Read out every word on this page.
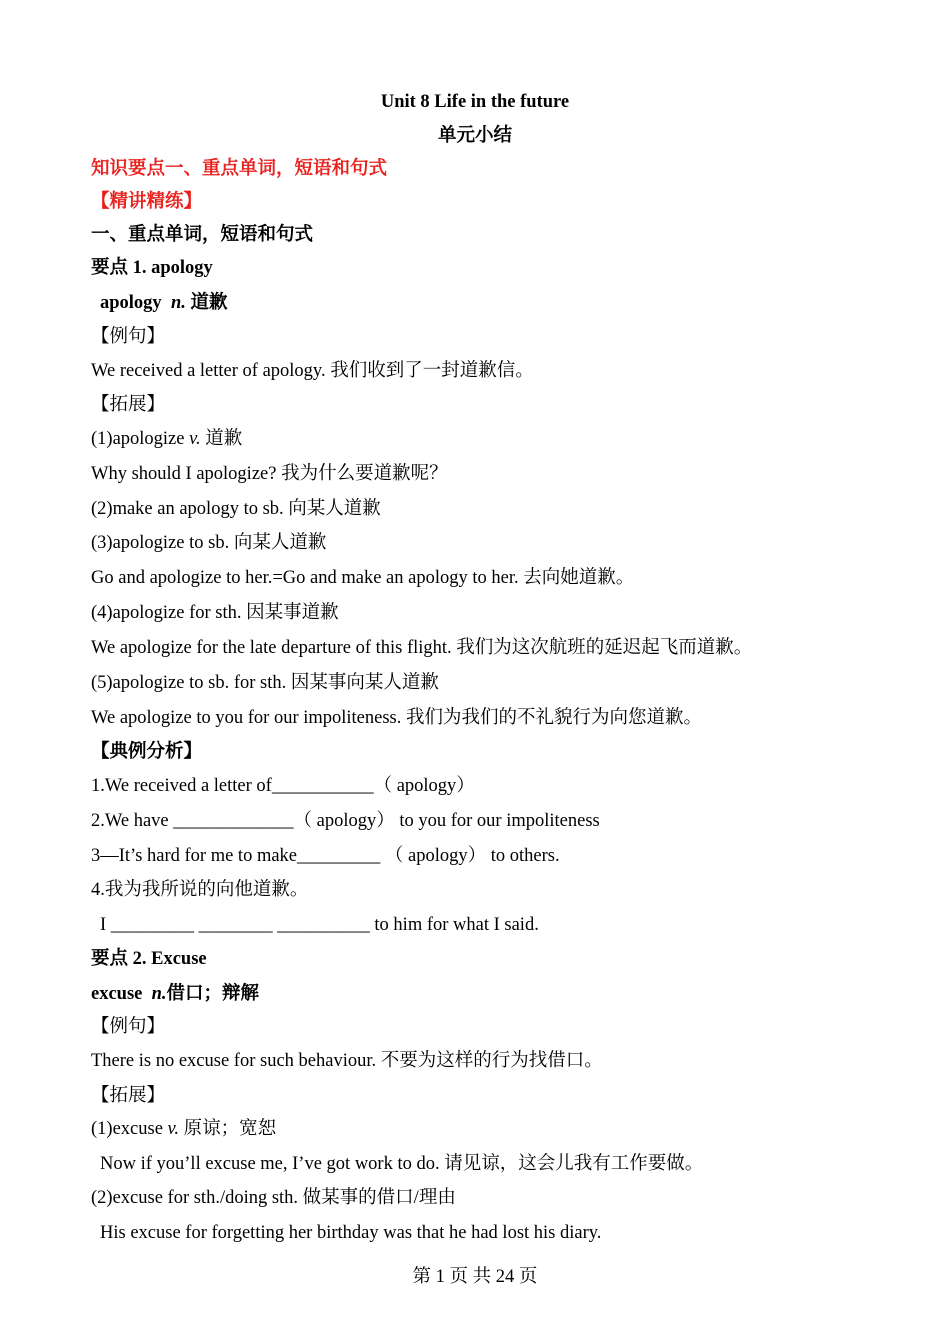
Unit 8 Life in the future
单元小结
知识要点一、重点单词，短语和句式
【精讲精练】
一、重点单词，短语和句式
要点 1. apology
apology n. 道歉
【例句】
We received a letter of apology. 我们收到了一封道歉信。
【拓展】
(1)apologize v. 道歉
Why should I apologize? 我为什么要道歉呢？
(2)make an apology to sb. 向某人道歉
(3)apologize to sb. 向某人道歉
Go and apologize to her.=Go and make an apology to her. 去向她道歉。
(4)apologize for sth. 因某事道歉
We apologize for the late departure of this flight. 我们为这次航班的延迟起飞而道歉。
(5)apologize to sb. for sth. 因某事向某人道歉
We apologize to you for our impoliteness. 我们为我们的不礼貌行为向您道歉。
【典例分析】
1.We received a letter of___________（ apology）
2.We have _____________（ apology） to you for our impoliteness
3—It’s hard for me to make_________ （ apology） to others.
4.我为我所说的向他道歉。
I _________ ________ __________ to him for what I said.
要点 2. Excuse
excuse n.借口；辩解
【例句】
There is no excuse for such behaviour. 不要为这样的行为找借口。
【拓展】
(1)excuse v. 原谅；宽恕
Now if you’ll excuse me, I’ve got work to do. 请见谅，这会儿我有工作要做。
(2)excuse for sth./doing sth. 做某事的借口/理由
His excuse for forgetting her birthday was that he had lost his diary.
第 1 页 共 24 页
